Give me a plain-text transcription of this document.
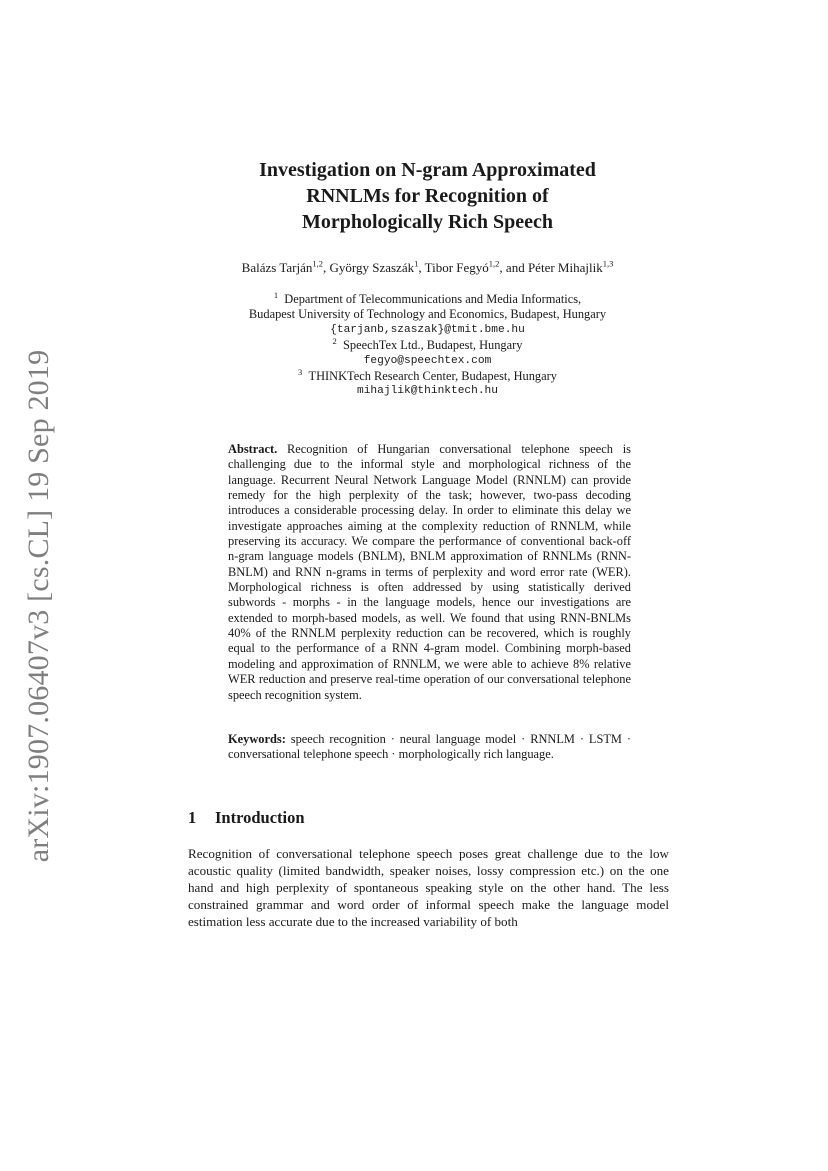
arXiv:1907.06407v3 [cs.CL] 19 Sep 2019
Investigation on N-gram Approximated
RNNLMs for Recognition of
Morphologically Rich Speech
Balázs Tarján$^{1,2}$, György Szaszák$^1$, Tibor Fegyó$^{1,2}$, and Péter Mihajlik$^{1,3}$
$^1$ Department of Telecommunications and Media Informatics,
Budapest University of Technology and Economics, Budapest, Hungary
{tarjanb,szaszak}@tmit.bme.hu
$^2$ SpeechTex Ltd., Budapest, Hungary
fegyo@speechtex.com
$^3$ THINKTech Research Center, Budapest, Hungary
mihajlik@thinktech.hu
Abstract. Recognition of Hungarian conversational telephone speech is challenging due to the informal style and morphological richness of the language. Recurrent Neural Network Language Model (RNNLM) can provide remedy for the high perplexity of the task; however, two-pass decoding introduces a considerable processing delay. In order to eliminate this delay we investigate approaches aiming at the complexity reduction of RNNLM, while preserving its accuracy. We compare the performance of conventional back-off n-gram language models (BNLM), BNLM approximation of RNNLMs (RNN-BNLM) and RNN n-grams in terms of perplexity and word error rate (WER). Morphological richness is often addressed by using statistically derived subwords - morphs - in the language models, hence our investigations are extended to morph-based models, as well. We found that using RNN-BNLMs 40% of the RNNLM perplexity reduction can be recovered, which is roughly equal to the performance of a RNN 4-gram model. Combining morph-based modeling and approximation of RNNLM, we were able to achieve 8% relative WER reduction and preserve real-time operation of our conversational telephone speech recognition system.
Keywords: speech recognition · neural language model · RNNLM · LSTM · conversational telephone speech · morphologically rich language.
1 Introduction
Recognition of conversational telephone speech poses great challenge due to the low acoustic quality (limited bandwidth, speaker noises, lossy compression etc.) on the one hand and high perplexity of spontaneous speaking style on the other hand. The less constrained grammar and word order of informal speech make the language model estimation less accurate due to the increased variability of both
